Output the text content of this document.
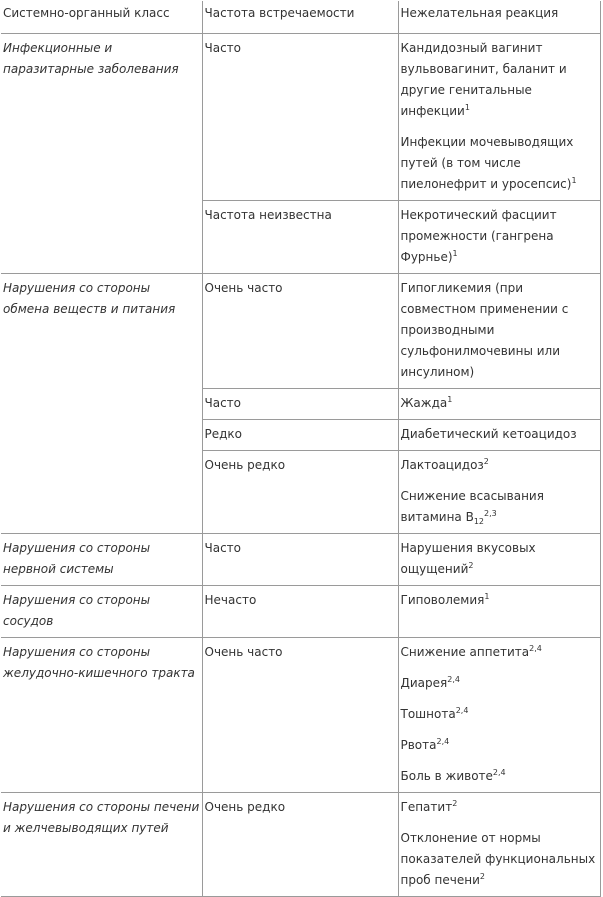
Системно-органный класс	Частота встречаемости	Нежелательная реакция
Инфекционные и паразитарные заболевания	Часто	Кандидозный вагинит вульвовагинит, баланит и другие генитальные инфекции$^1$
Инфекции мочевыводящих путей (в том числе пиелонефрит и уросепсис)$^1$

	Частота неизвестна	Некротический фасциит промежности (гангрена Фурнье)$^1$

Нарушения со стороны обмена веществ и питания	Очень часто	Гипогликемия (при совместном применении с производными сульфонилмочевины или инсулином)

	Часто	Жажда$^1$

	Редко	Диабетический кетоацидоз

	Очень редко	Лактоацидоз$^2$
Снижение всасывания витамина $B_{12}^{2,3}$

Нарушения со стороны нервной системы	Часто	Нарушения вкусовых ощущений$^2$

Нарушения со стороны сосудов	Нечасто	Гиповолемия$^1$

Нарушения со стороны желудочно-кишечного тракта	Очень часто	Снижение аппетита$^{2,4}$
Диарея$^{2,4}$
Тошнота$^{2,4}$
Рвота$^{2,4}$
Боль в животе$^{2,4}$

Нарушения со стороны печени и желчевыводящих путей	Очень редко	Гепатит$^2$
Отклонение от нормы показателей функциональных проб печени$^2$
